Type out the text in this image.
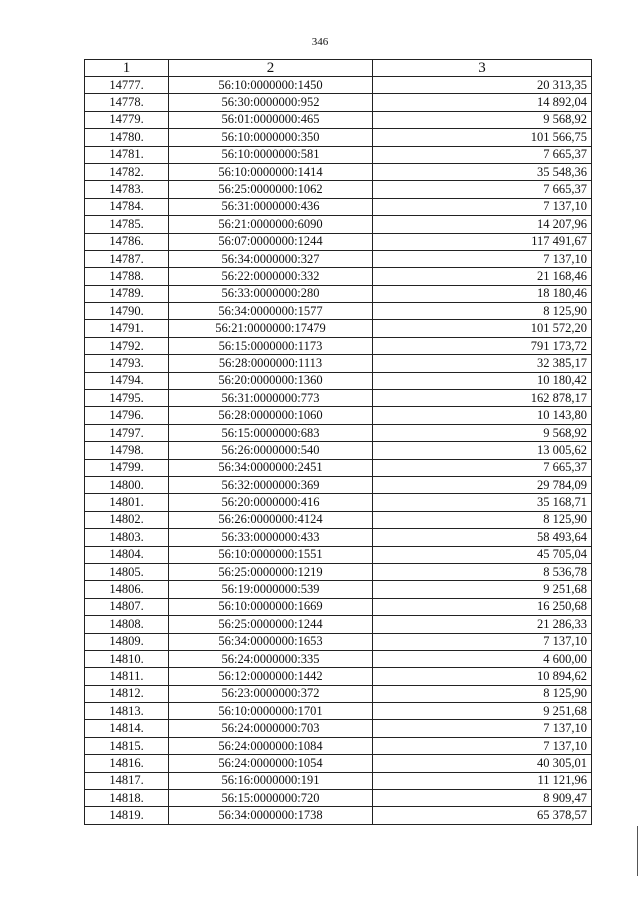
346
1	2	3
14777.	56:10:0000000:1450	20 313,35
14778.	56:30:0000000:952	14 892,04
14779.	56:01:0000000:465	9 568,92
14780.	56:10:0000000:350	101 566,75
14781.	56:10:0000000:581	7 665,37
14782.	56:10:0000000:1414	35 548,36
14783.	56:25:0000000:1062	7 665,37
14784.	56:31:0000000:436	7 137,10
14785.	56:21:0000000:6090	14 207,96
14786.	56:07:0000000:1244	117 491,67
14787.	56:34:0000000:327	7 137,10
14788.	56:22:0000000:332	21 168,46
14789.	56:33:0000000:280	18 180,46
14790.	56:34:0000000:1577	8 125,90
14791.	56:21:0000000:17479	101 572,20
14792.	56:15:0000000:1173	791 173,72
14793.	56:28:0000000:1113	32 385,17
14794.	56:20:0000000:1360	10 180,42
14795.	56:31:0000000:773	162 878,17
14796.	56:28:0000000:1060	10 143,80
14797.	56:15:0000000:683	9 568,92
14798.	56:26:0000000:540	13 005,62
14799.	56:34:0000000:2451	7 665,37
14800.	56:32:0000000:369	29 784,09
14801.	56:20:0000000:416	35 168,71
14802.	56:26:0000000:4124	8 125,90
14803.	56:33:0000000:433	58 493,64
14804.	56:10:0000000:1551	45 705,04
14805.	56:25:0000000:1219	8 536,78
14806.	56:19:0000000:539	9 251,68
14807.	56:10:0000000:1669	16 250,68
14808.	56:25:0000000:1244	21 286,33
14809.	56:34:0000000:1653	7 137,10
14810.	56:24:0000000:335	4 600,00
14811.	56:12:0000000:1442	10 894,62
14812.	56:23:0000000:372	8 125,90
14813.	56:10:0000000:1701	9 251,68
14814.	56:24:0000000:703	7 137,10
14815.	56:24:0000000:1084	7 137,10
14816.	56:24:0000000:1054	40 305,01
14817.	56:16:0000000:191	11 121,96
14818.	56:15:0000000:720	8 909,47
14819.	56:34:0000000:1738	65 378,57
